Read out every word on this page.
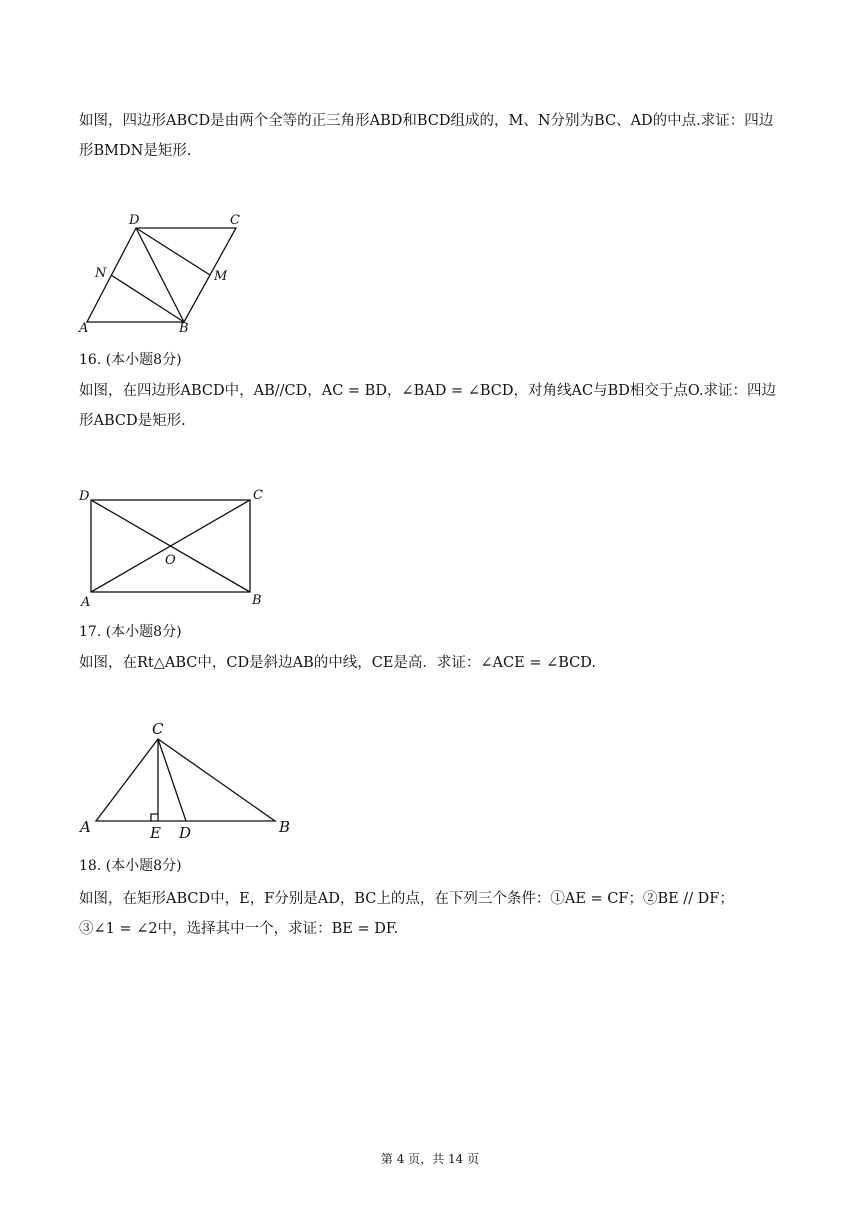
如图，四边形ABCD是由两个全等的正三角形ABD和BCD组成的，M、N分别为BC、AD的中点.求证：四边形BMDN是矩形.

A	B
C
D
M
N

16. (本小题8分)

如图，在四边形ABCD中，AB//CD，AC = BD，∠BAD = ∠BCD，对角线AC与BD相交于点O.求证：四边形ABCD是矩形.

D	C
O
A	B

17. (本小题8分)

如图，在Rt△ABC中，CD是斜边AB的中线，CE是高．求证：∠ACE = ∠BCD.

C
A	E D	B

18. (本小题8分)

如图，在矩形ABCD中，E，F分别是AD，BC上的点，在下列三个条件：①AE = CF；②BE // DF；③∠1 = ∠2中，选择其中一个，求证：BE = DF.

第 4 页，共 14 页
